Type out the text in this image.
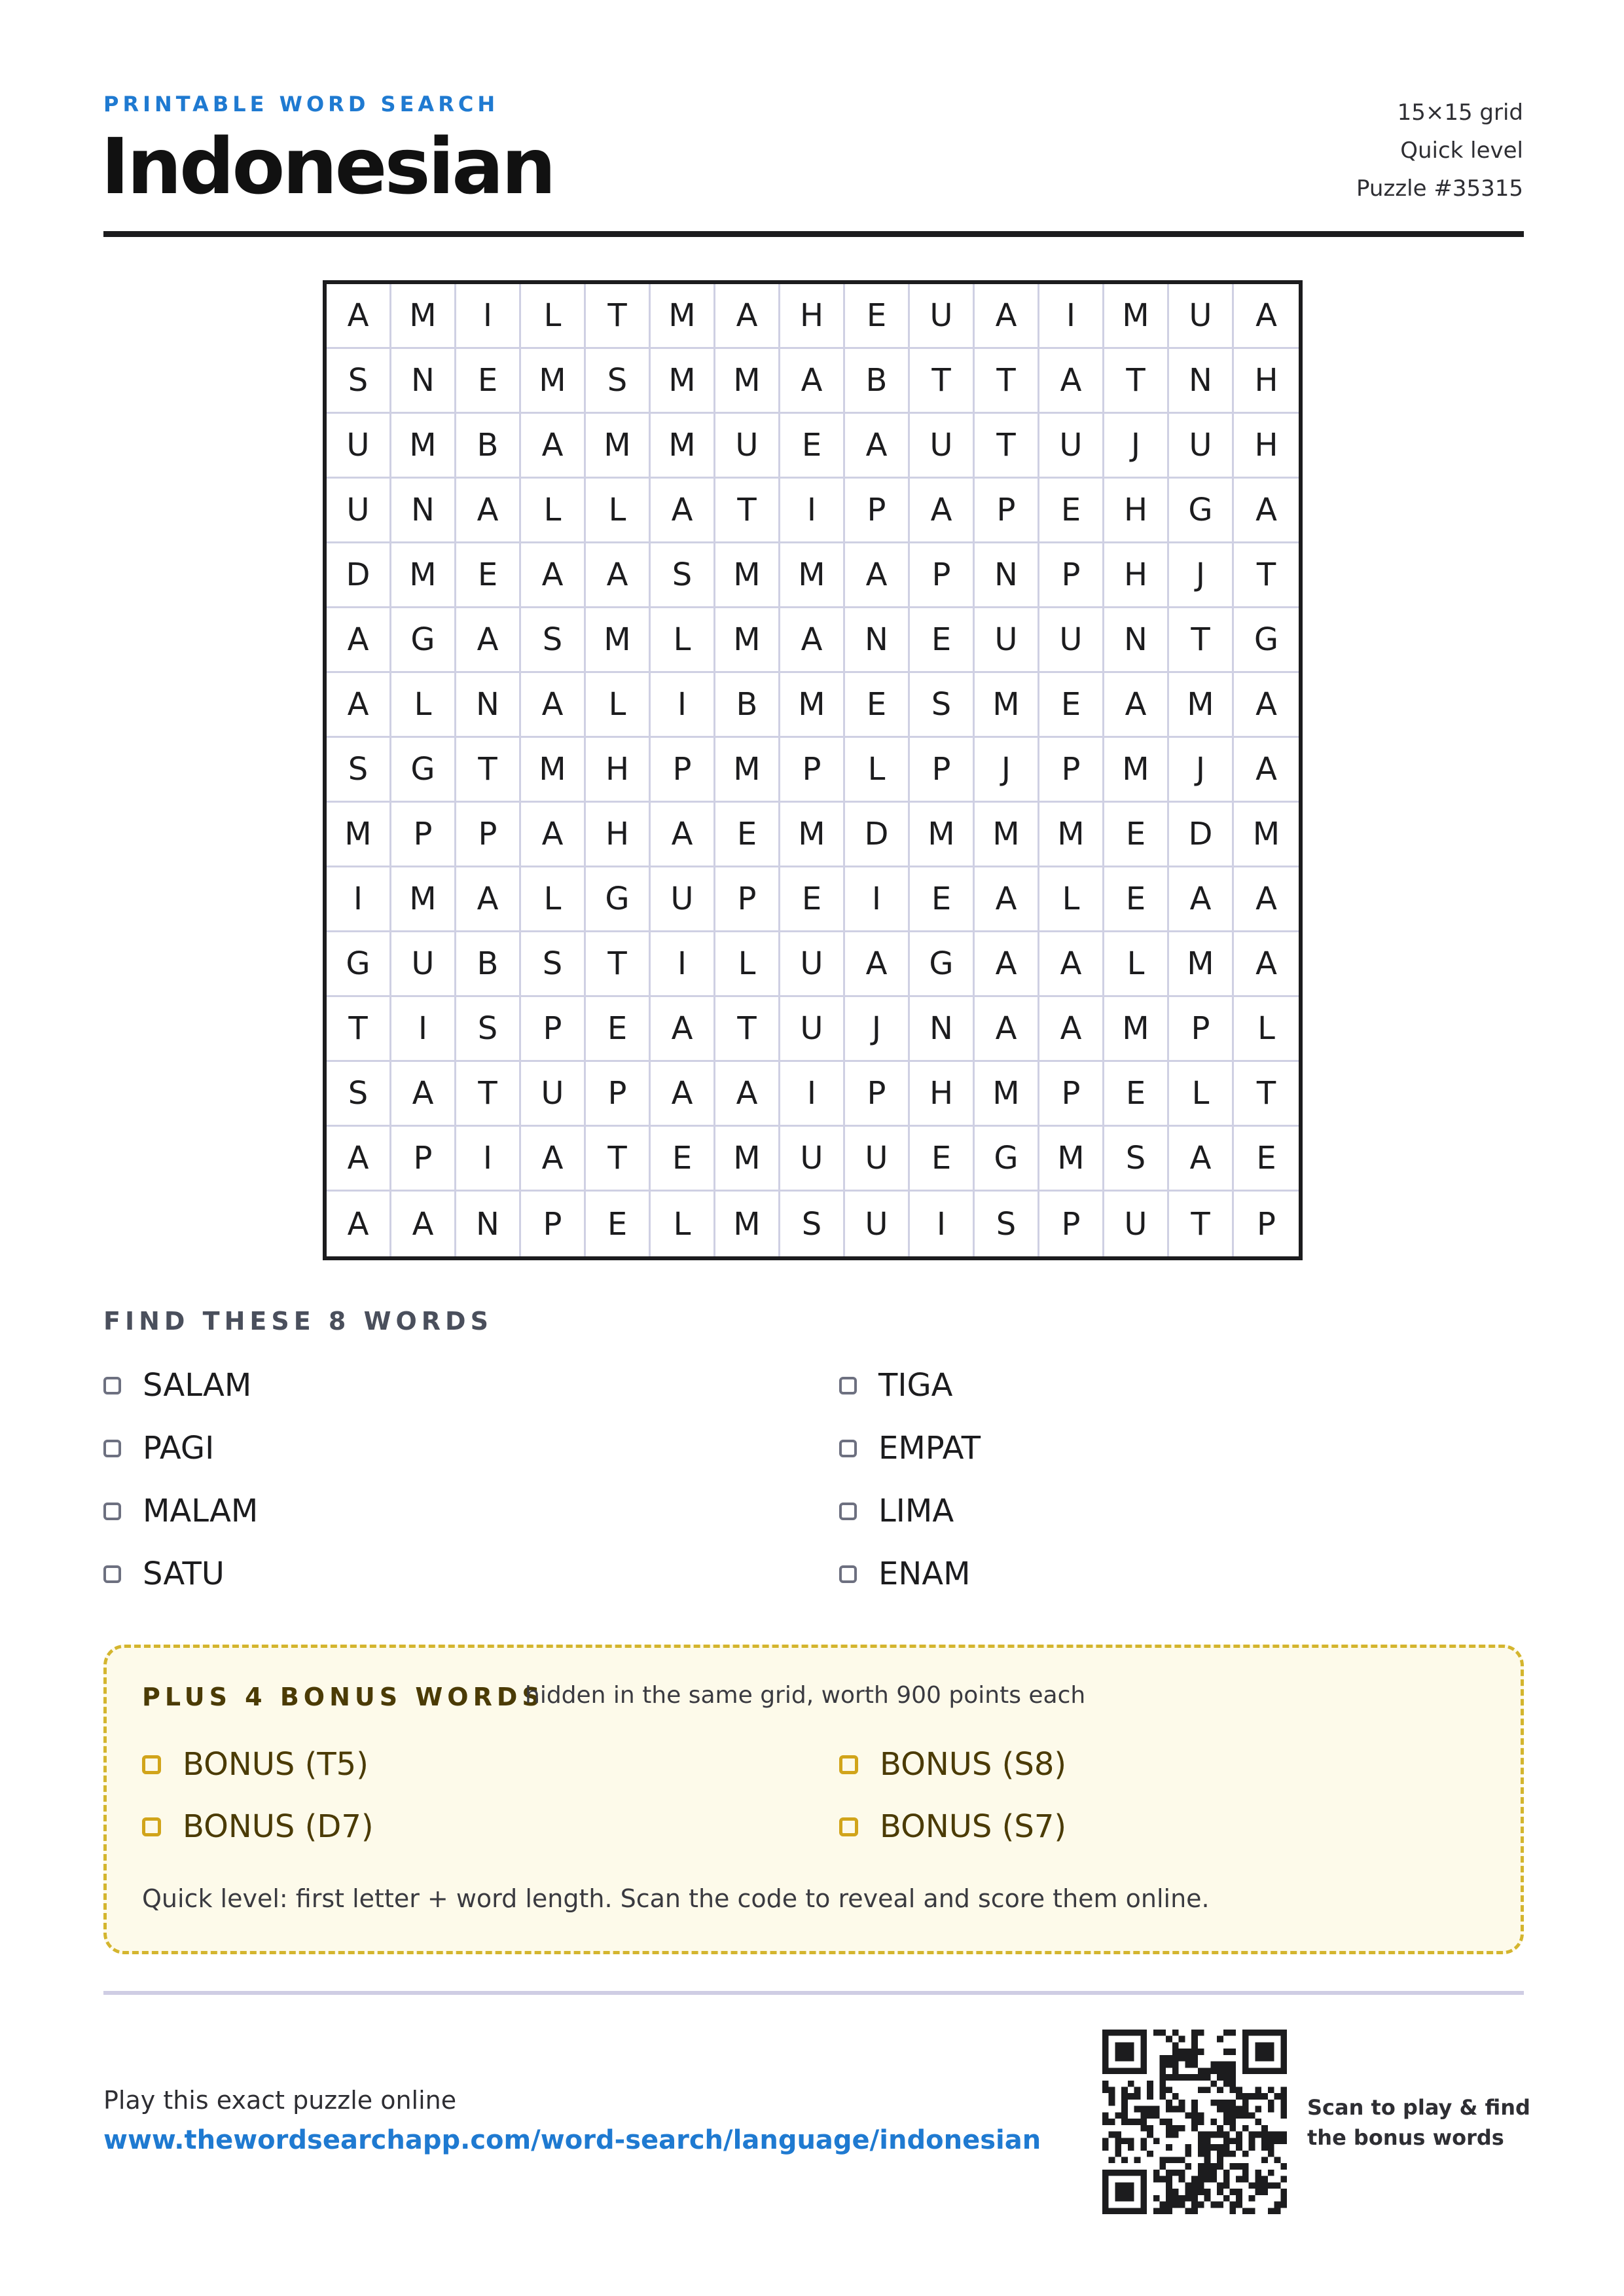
PRINTABLE WORD SEARCH
Indonesian
15×15 grid
Quick level
Puzzle #35315
A	M	I	L	T	M	A	H	E	U	A	I	M	U	A
S	N	E	M	S	M	M	A	B	T	T	A	T	N	H
U	M	B	A	M	M	U	E	A	U	T	U	J	U	H
U	N	A	L	L	A	T	I	P	A	P	E	H	G	A
D	M	E	A	A	S	M	M	A	P	N	P	H	J	T
A	G	A	S	M	L	M	A	N	E	U	U	N	T	G
A	L	N	A	L	I	B	M	E	S	M	E	A	M	A
S	G	T	M	H	P	M	P	L	P	J	P	M	J	A
M	P	P	A	H	A	E	M	D	M	M	M	E	D	M
I	M	A	L	G	U	P	E	I	E	A	L	E	A	A
G	U	B	S	T	I	L	U	A	G	A	A	L	M	A
T	I	S	P	E	A	T	U	J	N	A	A	M	P	L
S	A	T	U	P	A	A	I	P	H	M	P	E	L	T
A	P	I	A	T	E	M	U	U	E	G	M	S	A	E
A	A	N	P	E	L	M	S	U	I	S	P	U	T	P
FIND THESE 8 WORDS
SALAM
PAGI
MALAM
SATU
TIGA
EMPAT
LIMA
ENAM
PLUS 4 BONUS WORDS
hidden in the same grid, worth 900 points each
BONUS (T5)
BONUS (D7)
BONUS (S8)
BONUS (S7)
Quick level: first letter + word length. Scan the code to reveal and score them online.
Play this exact puzzle online
www.thewordsearchapp.com/word-search/language/indonesian
Scan to play & find
the bonus words
